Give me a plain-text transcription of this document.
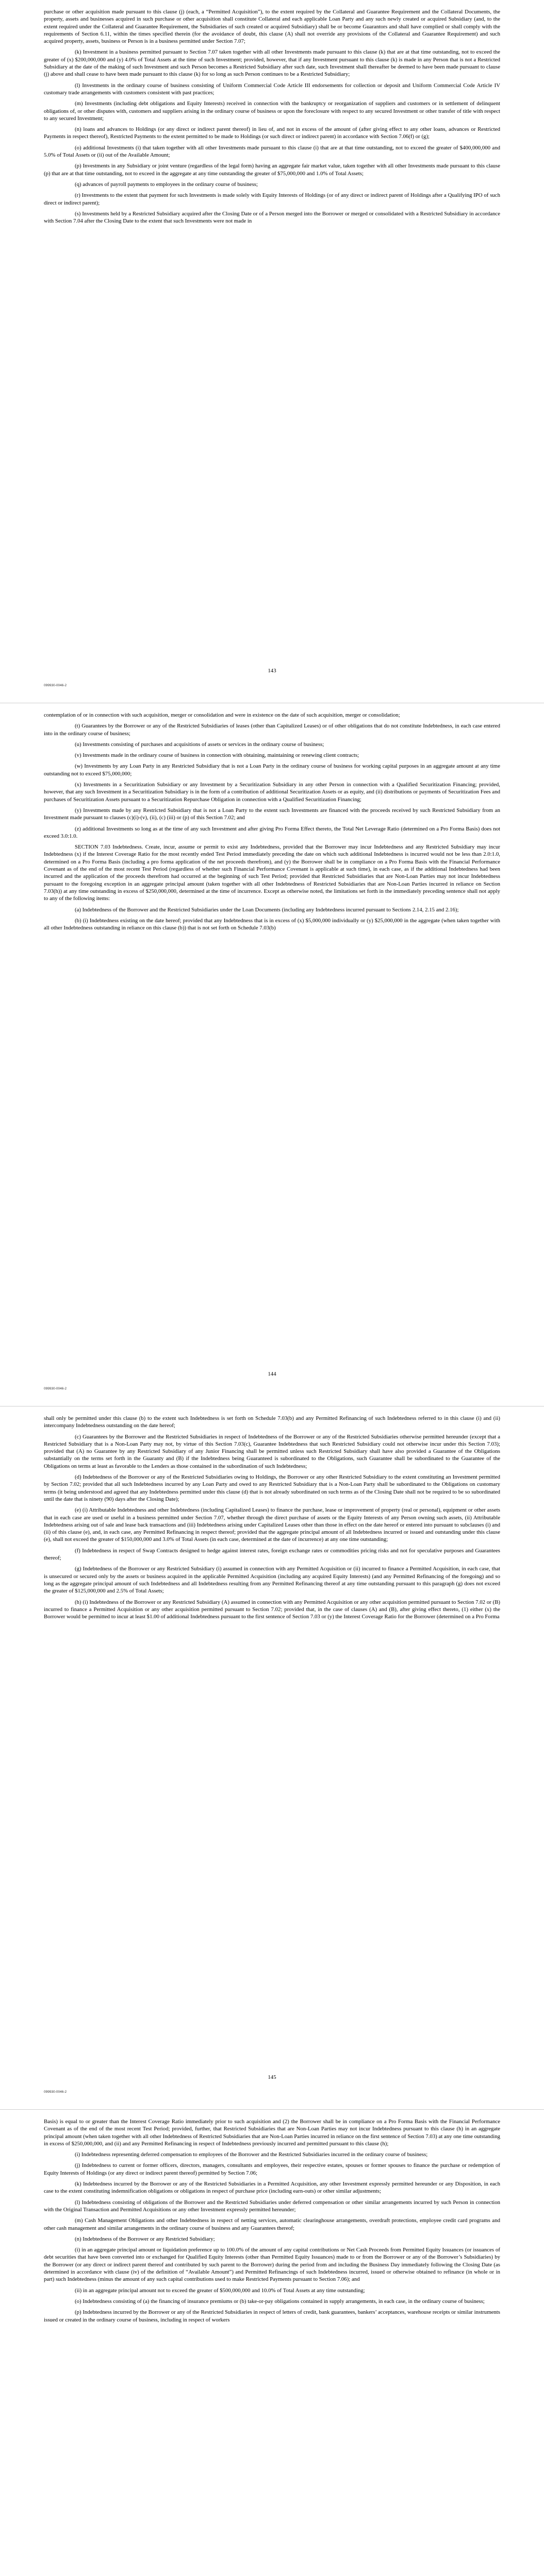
purchase or other acquisition made pursuant to this clause (j) (each, a “Permitted Acquisition”), to the extent required by the Collateral and Guarantee Requirement and the Collateral Documents, the property, assets and businesses acquired in such purchase or other acquisition shall constitute Collateral and each applicable Loan Party and any such newly created or acquired Subsidiary (and, to the extent required under the Collateral and Guarantee Requirement, the Subsidiaries of such created or acquired Subsidiary) shall be or become Guarantors and shall have complied or shall comply with the requirements of Section 6.11, within the times specified therein (for the avoidance of doubt, this clause (A) shall not override any provisions of the Collateral and Guarantee Requirement) and such acquired property, assets, business or Person is in a business permitted under Section 7.07;

(k) Investment in a business permitted pursuant to Section 7.07 taken together with all other Investments made pursuant to this clause (k) that are at that time outstanding, not to exceed the greater of (x) $200,000,000 and (y) 4.0% of Total Assets at the time of such Investment; provided, however, that if any Investment pursuant to this clause (k) is made in any Person that is not a Restricted Subsidiary at the date of the making of such Investment and such Person becomes a Restricted Subsidiary after such date, such Investment shall thereafter be deemed to have been made pursuant to clause (j) above and shall cease to have been made pursuant to this clause (k) for so long as such Person continues to be a Restricted Subsidiary;

(l) Investments in the ordinary course of business consisting of Uniform Commercial Code Article III endorsements for collection or deposit and Uniform Commercial Code Article IV customary trade arrangements with customers consistent with past practices;

(m) Investments (including debt obligations and Equity Interests) received in connection with the bankruptcy or reorganization of suppliers and customers or in settlement of delinquent obligations of, or other disputes with, customers and suppliers arising in the ordinary course of business or upon the foreclosure with respect to any secured Investment or other transfer of title with respect to any secured Investment;

(n) loans and advances to Holdings (or any direct or indirect parent thereof) in lieu of, and not in excess of the amount of (after giving effect to any other loans, advances or Restricted Payments in respect thereof), Restricted Payments to the extent permitted to be made to Holdings (or such direct or indirect parent) in accordance with Section 7.06(f) or (g);

(o) additional Investments (i) that taken together with all other Investments made pursuant to this clause (i) that are at that time outstanding, not to exceed the greater of $400,000,000 and 5.0% of Total Assets or (ii) out of the Available Amount;

(p) Investments in any Subsidiary or joint venture (regardless of the legal form) having an aggregate fair market value, taken together with all other Investments made pursuant to this clause (p) that are at that time outstanding, not to exceed in the aggregate at any time outstanding the greater of $75,000,000 and 1.0% of Total Assets;

(q) advances of payroll payments to employees in the ordinary course of business;

(r) Investments to the extent that payment for such Investments is made solely with Equity Interests of Holdings (or of any direct or indirect parent of Holdings after a Qualifying IPO of such direct or indirect parent);

(s) Investments held by a Restricted Subsidiary acquired after the Closing Date or of a Person merged into the Borrower or merged or consolidated with a Restricted Subsidiary in accordance with Section 7.04 after the Closing Date to the extent that such Investments were not made in

143
099930-0046-2

contemplation of or in connection with such acquisition, merger or consolidation and were in existence on the date of such acquisition, merger or consolidation;

(t) Guarantees by the Borrower or any of the Restricted Subsidiaries of leases (other than Capitalized Leases) or of other obligations that do not constitute Indebtedness, in each case entered into in the ordinary course of business;

(u) Investments consisting of purchases and acquisitions of assets or services in the ordinary course of business;

(v) Investments made in the ordinary course of business in connection with obtaining, maintaining or renewing client contracts;

(w) Investments by any Loan Party in any Restricted Subsidiary that is not a Loan Party in the ordinary course of business for working capital purposes in an aggregate amount at any time outstanding not to exceed $75,000,000;

(x) Investments in a Securitization Subsidiary or any Investment by a Securitization Subsidiary in any other Person in connection with a Qualified Securitization Financing; provided, however, that any such Investment in a Securitization Subsidiary is in the form of a contribution of additional Securitization Assets or as equity, and (ii) distributions or payments of Securitization Fees and purchases of Securitization Assets pursuant to a Securitization Repurchase Obligation in connection with a Qualified Securitization Financing;

(y) Investments made by any Restricted Subsidiary that is not a Loan Party to the extent such Investments are financed with the proceeds received by such Restricted Subsidiary from an Investment made pursuant to clauses (c)(i)-(v), (ii), (c) (iii) or (p) of this Section 7.02; and

(z) additional Investments so long as at the time of any such Investment and after giving Pro Forma Effect thereto, the Total Net Leverage Ratio (determined on a Pro Forma Basis) does not exceed 3.0:1.0.

SECTION 7.03 Indebtedness. Create, incur, assume or permit to exist any Indebtedness, provided that the Borrower may incur Indebtedness and any Restricted Subsidiary may incur Indebtedness (x) if the Interest Coverage Ratio for the most recently ended Test Period immediately preceding the date on which such additional Indebtedness is incurred would not be less than 2.0:1.0, determined on a Pro Forma Basis (including a pro forma application of the net proceeds therefrom), and (y) the Borrower shall be in compliance on a Pro Forma Basis with the Financial Performance Covenant as of the end of the most recent Test Period (regardless of whether such Financial Performance Covenant is applicable at such time), in each case, as if the additional Indebtedness had been incurred and the application of the proceeds therefrom had occurred at the beginning of such Test Period; provided that Restricted Subsidiaries that are Non-Loan Parties may not incur Indebtedness pursuant to the foregoing exception in an aggregate principal amount (taken together with all other Indebtedness of Restricted Subsidiaries that are Non-Loan Parties incurred in reliance on Section 7.03(h)) at any time outstanding in excess of $250,000,000, determined at the time of incurrence. Except as otherwise noted, the limitations set forth in the immediately preceding sentence shall not apply to any of the following items:

(a) Indebtedness of the Borrower and the Restricted Subsidiaries under the Loan Documents (including any Indebtedness incurred pursuant to Sections 2.14, 2.15 and 2.16);

(b) (i) Indebtedness existing on the date hereof; provided that any Indebtedness that is in excess of (x) $5,000,000 individually or (y) $25,000,000 in the aggregate (when taken together with all other Indebtedness outstanding in reliance on this clause (b)) that is not set forth on Schedule 7.03(b)

144
099930-0046-2

shall only be permitted under this clause (b) to the extent such Indebtedness is set forth on Schedule 7.03(b) and any Permitted Refinancing of such Indebtedness referred to in this clause (i) and (ii) intercompany Indebtedness outstanding on the date hereof;

(c) Guarantees by the Borrower and the Restricted Subsidiaries in respect of Indebtedness of the Borrower or any of the Restricted Subsidiaries otherwise permitted hereunder (except that a Restricted Subsidiary that is a Non-Loan Party may not, by virtue of this Section 7.03(c), Guarantee Indebtedness that such Restricted Subsidiary could not otherwise incur under this Section 7.03); provided that (A) no Guarantee by any Restricted Subsidiary of any Junior Financing shall be permitted unless such Restricted Subsidiary shall have also provided a Guarantee of the Obligations substantially on the terms set forth in the Guaranty and (B) if the Indebtedness being Guaranteed is subordinated to the Obligations, such Guarantee shall be subordinated to the Guarantee of the Obligations on terms at least as favorable to the Lenders as those contained in the subordination of such Indebtedness;

(d) Indebtedness of the Borrower or any of the Restricted Subsidiaries owing to Holdings, the Borrower or any other Restricted Subsidiary to the extent constituting an Investment permitted by Section 7.02; provided that all such Indebtedness incurred by any Loan Party and owed to any Restricted Subsidiary that is a Non-Loan Party shall be subordinated to the Obligations on customary terms (it being understood and agreed that any Indebtedness permitted under this clause (d) that is not already subordinated on such terms as of the Closing Date shall not be required to be so subordinated until the date that is ninety (90) days after the Closing Date);

(e) (i) Attributable Indebtedness and other Indebtedness (including Capitalized Leases) to finance the purchase, lease or improvement of property (real or personal), equipment or other assets that in each case are used or useful in a business permitted under Section 7.07, whether through the direct purchase of assets or the Equity Interests of any Person owning such assets, (ii) Attributable Indebtedness arising out of sale and lease back transactions and (iii) Indebtedness arising under Capitalized Leases other than those in effect on the date hereof or entered into pursuant to subclauses (i) and (ii) of this clause (e), and, in each case, any Permitted Refinancing in respect thereof; provided that the aggregate principal amount of all Indebtedness incurred or issued and outstanding under this clause (e), shall not exceed the greater of $150,000,000 and 3.0% of Total Assets (in each case, determined at the date of incurrence) at any one time outstanding;

(f) Indebtedness in respect of Swap Contracts designed to hedge against interest rates, foreign exchange rates or commodities pricing risks and not for speculative purposes and Guarantees thereof;

(g) Indebtedness of the Borrower or any Restricted Subsidiary (i) assumed in connection with any Permitted Acquisition or (ii) incurred to finance a Permitted Acquisition, in each case, that is unsecured or secured only by the assets or business acquired in the applicable Permitted Acquisition (including any acquired Equity Interests) (and any Permitted Refinancing of the foregoing) and so long as the aggregate principal amount of such Indebtedness and all Indebtedness resulting from any Permitted Refinancing thereof at any time outstanding pursuant to this paragraph (g) does not exceed the greater of $125,000,000 and 2.5% of Total Assets;

(h) (i) Indebtedness of the Borrower or any Restricted Subsidiary (A) assumed in connection with any Permitted Acquisition or any other acquisition permitted pursuant to Section 7.02 or (B) incurred to finance a Permitted Acquisition or any other acquisition permitted pursuant to Section 7.02; provided that, in the case of clauses (A) and (B), after giving effect thereto, (1) either (x) the Borrower would be permitted to incur at least $1.00 of additional Indebtedness pursuant to the first sentence of Section 7.03 or (y) the Interest Coverage Ratio for the Borrower (determined on a Pro Forma

145
099930-0046-2

Basis) is equal to or greater than the Interest Coverage Ratio immediately prior to such acquisition and (2) the Borrower shall be in compliance on a Pro Forma Basis with the Financial Performance Covenant as of the end of the most recent Test Period; provided, further, that Restricted Subsidiaries that are Non-Loan Parties may not incur Indebtedness pursuant to this clause (h) in an aggregate principal amount (when taken together with all other Indebtedness of Restricted Subsidiaries that are Non-Loan Parties incurred in reliance on the first sentence of Section 7.03) at any one time outstanding in excess of $250,000,000, and (ii) and any Permitted Refinancing in respect of Indebtedness previously incurred and permitted pursuant to this clause (h);

(i) Indebtedness representing deferred compensation to employees of the Borrower and the Restricted Subsidiaries incurred in the ordinary course of business;

(j) Indebtedness to current or former officers, directors, managers, consultants and employees, their respective estates, spouses or former spouses to finance the purchase or redemption of Equity Interests of Holdings (or any direct or indirect parent thereof) permitted by Section 7.06;

(k) Indebtedness incurred by the Borrower or any of the Restricted Subsidiaries in a Permitted Acquisition, any other Investment expressly permitted hereunder or any Disposition, in each case to the extent constituting indemnification obligations or obligations in respect of purchase price (including earn-outs) or other similar adjustments;

(l) Indebtedness consisting of obligations of the Borrower and the Restricted Subsidiaries under deferred compensation or other similar arrangements incurred by such Person in connection with the Original Transaction and Permitted Acquisitions or any other Investment expressly permitted hereunder;

(m) Cash Management Obligations and other Indebtedness in respect of netting services, automatic clearinghouse arrangements, overdraft protections, employee credit card programs and other cash management and similar arrangements in the ordinary course of business and any Guarantees thereof;

(n) Indebtedness of the Borrower or any Restricted Subsidiary;

(i) in an aggregate principal amount or liquidation preference up to 100.0% of the amount of any capital contributions or Net Cash Proceeds from Permitted Equity Issuances (or issuances of debt securities that have been converted into or exchanged for Qualified Equity Interests (other than Permitted Equity Issuances) made to or from the Borrower or any of the Borrower’s Subsidiaries) by the Borrower (or any direct or indirect parent thereof and contributed by such parent to the Borrower) during the period from and including the Business Day immediately following the Closing Date (as determined in accordance with clause (iv) of the definition of “Available Amount”) and Permitted Refinancings of such Indebtedness incurred, issued or otherwise obtained to refinance (in whole or in part) such Indebtedness (minus the amount of any such capital contributions used to make Restricted Payments pursuant to Section 7.06); and

(ii) in an aggregate principal amount not to exceed the greater of $500,000,000 and 10.0% of Total Assets at any time outstanding;

(o) Indebtedness consisting of (a) the financing of insurance premiums or (b) take-or-pay obligations contained in supply arrangements, in each case, in the ordinary course of business;

(p) Indebtedness incurred by the Borrower or any of the Restricted Subsidiaries in respect of letters of credit, bank guarantees, bankers’ acceptances, warehouse receipts or similar instruments issued or created in the ordinary course of business, including in respect of workers
